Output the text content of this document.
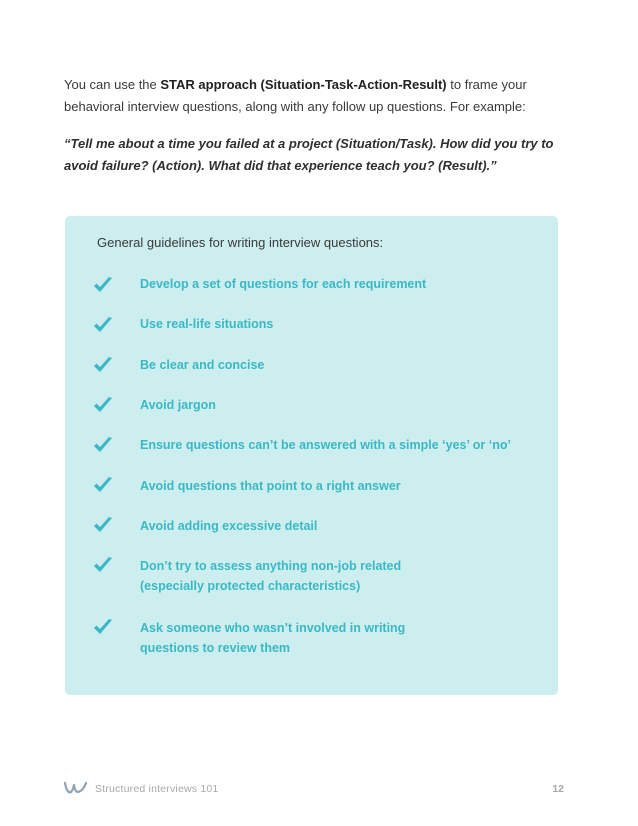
You can use the STAR approach (Situation-Task-Action-Result) to frame your behavioral interview questions, along with any follow up questions. For example:
“Tell me about a time you failed at a project (Situation/Task). How did you try to avoid failure? (Action). What did that experience teach you? (Result).”
General guidelines for writing interview questions:
Develop a set of questions for each requirement
Use real-life situations
Be clear and concise
Avoid jargon
Ensure questions can’t be answered with a simple ‘yes’ or ‘no’
Avoid questions that point to a right answer
Avoid adding excessive detail
Don’t try to assess anything non-job related
(especially protected characteristics)
Ask someone who wasn’t involved in writing
questions to review them
Structured interviews 101	12
